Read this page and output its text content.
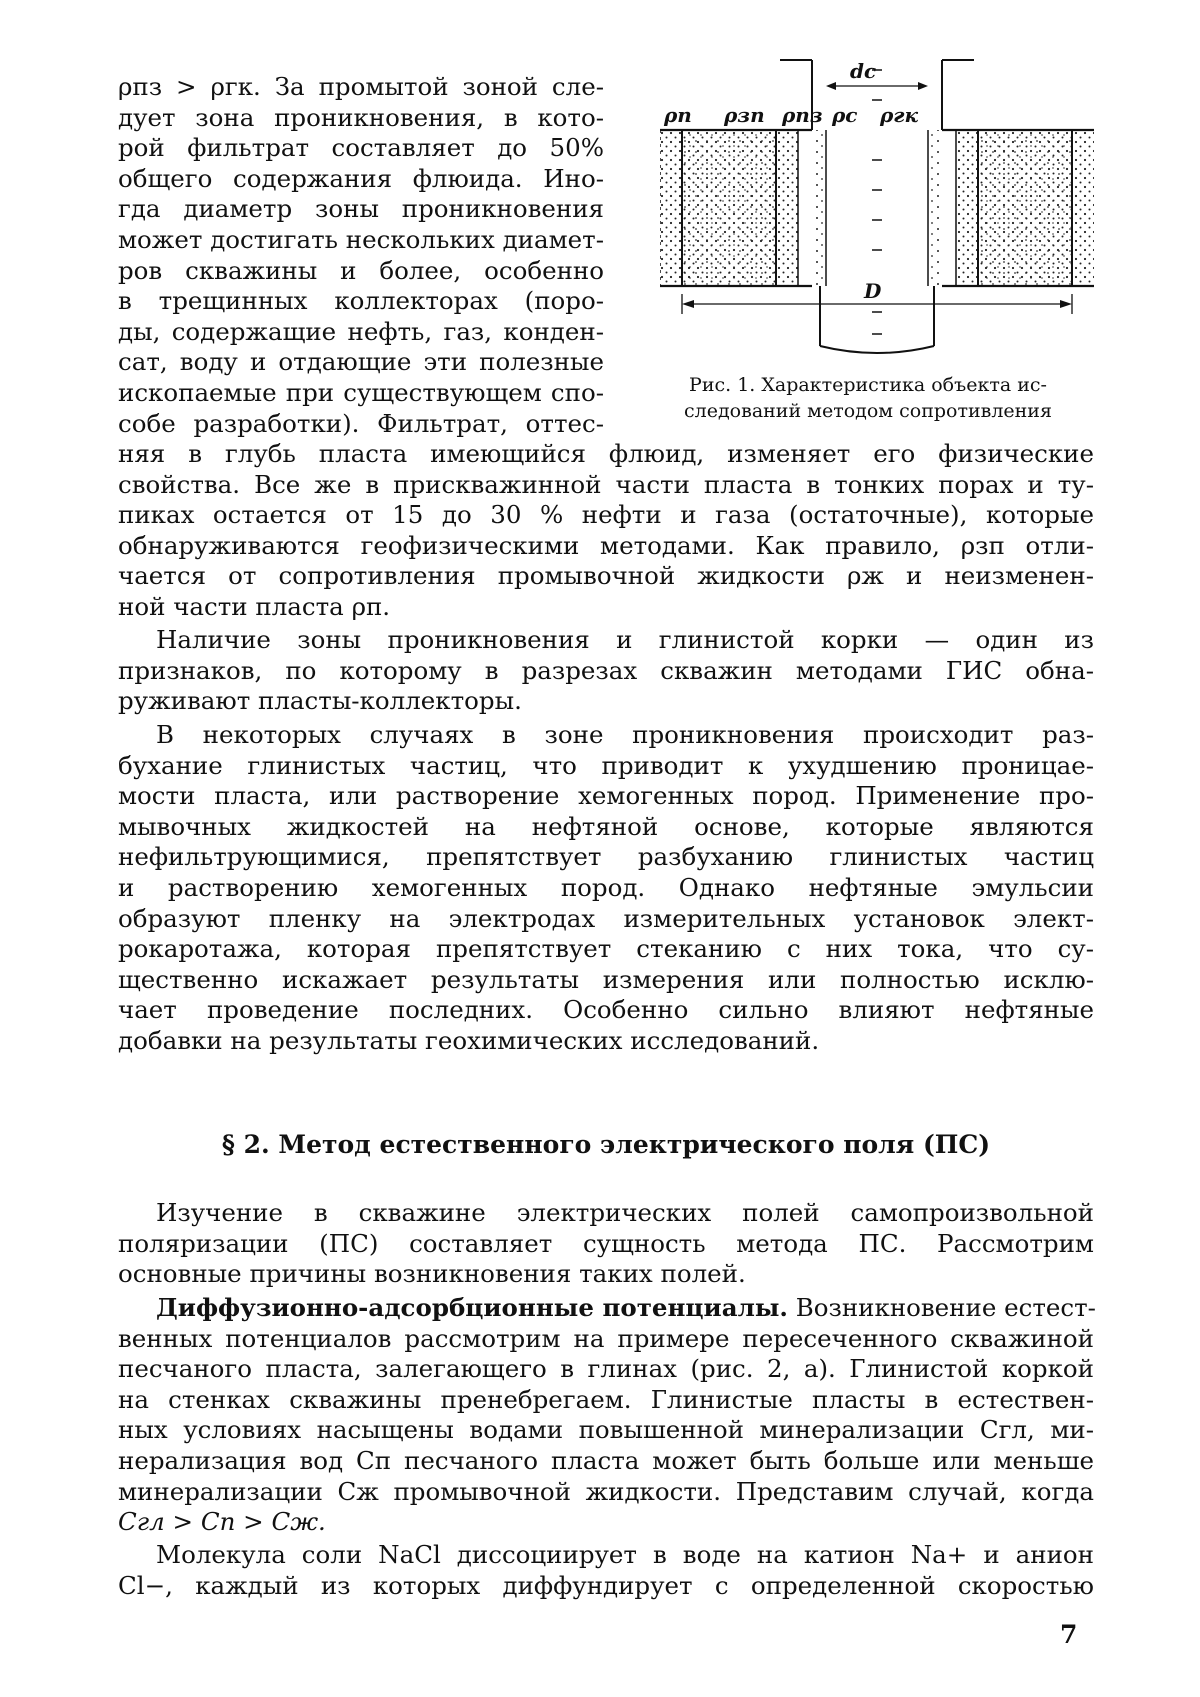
ρп ρзп ρпз ρс ρгк
dс
D
Рис. 1. Характеристика объекта ис-
следований методом сопротивления
ρпз > ρгк. За промытой зоной сле-
дует зона проникновения, в кото-
рой фильтрат составляет до 50%
общего содержания флюида. Ино-
гда диаметр зоны проникновения
может достигать нескольких диамет-
ров скважины и более, особенно
в трещинных коллекторах (поро-
ды, содержащие нефть, газ, конден-
сат, воду и отдающие эти полезные
ископаемые при существующем спо-
собе разработки). Фильтрат, оттес-
няя в глубь пласта имеющийся флюид, изменяет его физические
свойства. Все же в прискважинной части пласта в тонких порах и ту-
пиках остается от 15 до 30 % нефти и газа (остаточные), которые
обнаруживаются геофизическими методами. Как правило, ρзп отли-
чается от сопротивления промывочной жидкости ρж и неизменен-
ной части пласта ρп.
Наличие зоны проникновения и глинистой корки — один из
признаков, по которому в разрезах скважин методами ГИС обна-
руживают пласты-коллекторы.
В некоторых случаях в зоне проникновения происходит раз-
бухание глинистых частиц, что приводит к ухудшению проницае-
мости пласта, или растворение хемогенных пород. Применение про-
мывочных жидкостей на нефтяной основе, которые являются
нефильтрующимися, препятствует разбуханию глинистых частиц
и растворению хемогенных пород. Однако нефтяные эмульсии
образуют пленку на электродах измерительных установок элект-
рокаротажа, которая препятствует стеканию с них тока, что су-
щественно искажает результаты измерения или полностью исклю-
чает проведение последних. Особенно сильно влияют нефтяные
добавки на результаты геохимических исследований.
§ 2. Метод естественного электрического поля (ПС)
Изучение в скважине электрических полей самопроизвольной
поляризации (ПС) составляет сущность метода ПС. Рассмотрим
основные причины возникновения таких полей.
Диффузионно-адсорбционные потенциалы. Возникновение естест-
венных потенциалов рассмотрим на примере пересеченного скважиной
песчаного пласта, залегающего в глинах (рис. 2, а). Глинистой коркой
на стенках скважины пренебрегаем. Глинистые пласты в естествен-
ных условиях насыщены водами повышенной минерализации Сгл, ми-
нерализация вод Сп песчаного пласта может быть больше или меньше
минерализации Сж промывочной жидкости. Представим случай, когда
Сгл > Сп > Сж.
Молекула соли NaCl диссоциирует в воде на катион Na+ и анион
Cl−, каждый из которых диффундирует с определенной скоростью
7
